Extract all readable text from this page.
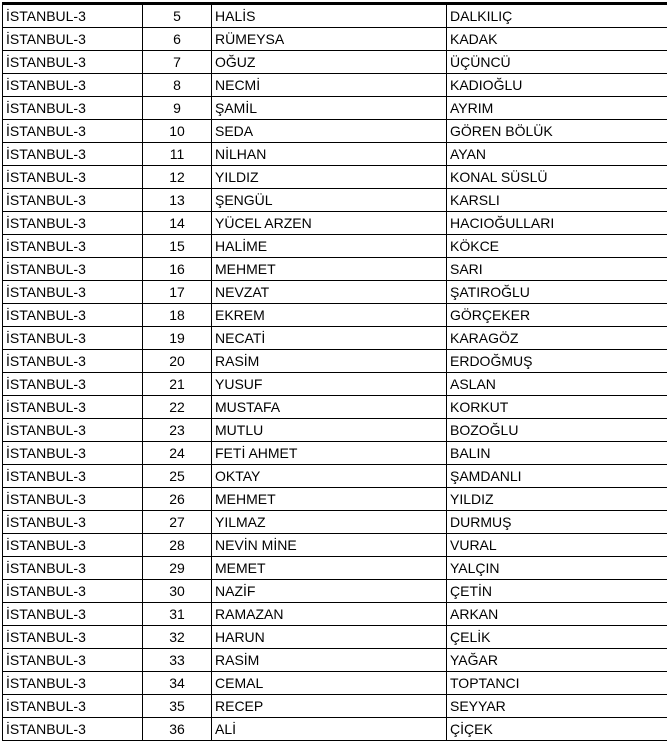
İSTANBUL-3	5	HALİS	DALKILIÇ
İSTANBUL-3	6	RÜMEYSA	KADAK
İSTANBUL-3	7	OĞUZ	ÜÇÜNCÜ
İSTANBUL-3	8	NECMİ	KADIOĞLU
İSTANBUL-3	9	ŞAMİL	AYRIM
İSTANBUL-3	10	SEDA	GÖREN BÖLÜK
İSTANBUL-3	11	NİLHAN	AYAN
İSTANBUL-3	12	YILDIZ	KONAL SÜSLÜ
İSTANBUL-3	13	ŞENGÜL	KARSLI
İSTANBUL-3	14	YÜCEL ARZEN	HACIOĞULLARI
İSTANBUL-3	15	HALİME	KÖKCE
İSTANBUL-3	16	MEHMET	SARI
İSTANBUL-3	17	NEVZAT	ŞATIROĞLU
İSTANBUL-3	18	EKREM	GÖRÇEKER
İSTANBUL-3	19	NECATİ	KARAGÖZ
İSTANBUL-3	20	RASİM	ERDOĞMUŞ
İSTANBUL-3	21	YUSUF	ASLAN
İSTANBUL-3	22	MUSTAFA	KORKUT
İSTANBUL-3	23	MUTLU	BOZOĞLU
İSTANBUL-3	24	FETİ AHMET	BALIN
İSTANBUL-3	25	OKTAY	ŞAMDANLI
İSTANBUL-3	26	MEHMET	YILDIZ
İSTANBUL-3	27	YILMAZ	DURMUŞ
İSTANBUL-3	28	NEVİN MİNE	VURAL
İSTANBUL-3	29	MEMET	YALÇIN
İSTANBUL-3	30	NAZİF	ÇETİN
İSTANBUL-3	31	RAMAZAN	ARKAN
İSTANBUL-3	32	HARUN	ÇELİK
İSTANBUL-3	33	RASİM	YAĞAR
İSTANBUL-3	34	CEMAL	TOPTANCI
İSTANBUL-3	35	RECEP	SEYYAR
İSTANBUL-3	36	ALİ	ÇİÇEK
